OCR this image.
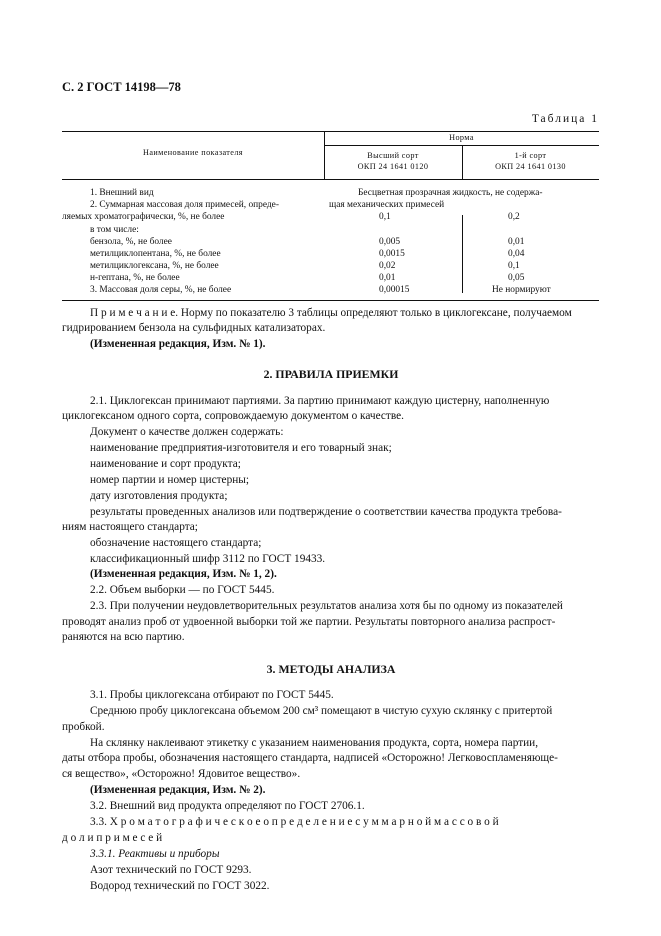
С. 2 ГОСТ 14198—78
Таблица 1
Наименование показателя
Норма
Высший сорт
ОКП 24 1641 0120
1-й сорт
ОКП 24 1641 0130
1. Внешний вид	Бесцветная прозрачная жидкость, не содержа-
2. Суммарная массовая доля примесей, опреде-	щая механических примесей
ляемых хроматографически, %, не более	0,1	0,2
в том числе:
бензола, %, не более	0,005	0,01
метилциклопентана, %, не более	0,0015	0,04
метилциклогексана, %, не более	0,02	0,1
н-гептана, %, не более	0,01	0,05
3. Массовая доля серы, %, не более	0,00015	Не нормируют
П р и м е ч а н и е. Норму по показателю 3 таблицы определяют только в циклогексане, получаемом
гидрированием бензола на сульфидных катализаторах.
(Измененная редакция, Изм. № 1).
2. ПРАВИЛА ПРИЕМКИ
2.1. Циклогексан принимают партиями. За партию принимают каждую цистерну, наполненную
циклогексаном одного сорта, сопровождаемую документом о качестве.
Документ о качестве должен содержать:
наименование предприятия-изготовителя и его товарный знак;
наименование и сорт продукта;
номер партии и номер цистерны;
дату изготовления продукта;
результаты проведенных анализов или подтверждение о соответствии качества продукта требова-
ниям настоящего стандарта;
обозначение настоящего стандарта;
классификационный шифр 3112 по ГОСТ 19433.
(Измененная редакция, Изм. № 1, 2).
2.2. Объем выборки — по ГОСТ 5445.
2.3. При получении неудовлетворительных результатов анализа хотя бы по одному из показателей
проводят анализ проб от удвоенной выборки той же партии. Результаты повторного анализа распрост-
раняются на всю партию.
3. МЕТОДЫ АНАЛИЗА
3.1. Пробы циклогексана отбирают по ГОСТ 5445.
Среднюю пробу циклогексана объемом 200 см³ помещают в чистую сухую склянку с притертой
пробкой.
На склянку наклеивают этикетку с указанием наименования продукта, сорта, номера партии,
даты отбора пробы, обозначения настоящего стандарта, надписей «Осторожно! Легковоспламеняюще-
ся вещество», «Осторожно! Ядовитое вещество».
(Измененная редакция, Изм. № 2).
3.2. Внешний вид продукта определяют по ГОСТ 2706.1.
3.3. Х р о м а т о г р а ф и ч е с к о е о п р е д е л е н и е с у м м а р н о й м а с с о в о й
д о л и п р и м е с е й
3.3.1. Реактивы и приборы
Азот технический по ГОСТ 9293.
Водород технический по ГОСТ 3022.
